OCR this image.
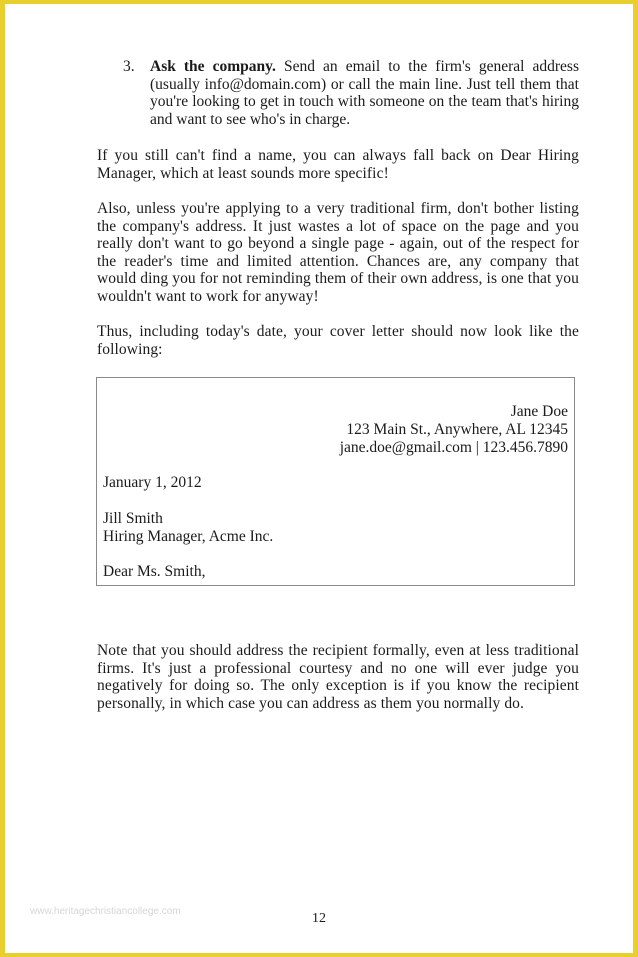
3. Ask the company. Send an email to the firm's general address (usually info@domain.com) or call the main line. Just tell them that you're looking to get in touch with someone on the team that's hiring and want to see who's in charge.

If you still can't find a name, you can always fall back on Dear Hiring Manager, which at least sounds more specific!

Also, unless you're applying to a very traditional firm, don't bother listing the company's address. It just wastes a lot of space on the page and you really don't want to go beyond a single page - again, out of the respect for the reader's time and limited attention. Chances are, any company that would ding you for not reminding them of their own address, is one that you wouldn't want to work for anyway!

Thus, including today's date, your cover letter should now look like the following:

Jane Doe
123 Main St., Anywhere, AL 12345
jane.doe@gmail.com | 123.456.7890
January 1, 2012
Jill Smith
Hiring Manager, Acme Inc.
Dear Ms. Smith,

Note that you should address the recipient formally, even at less traditional firms. It's just a professional courtesy and no one will ever judge you negatively for doing so. The only exception is if you know the recipient personally, in which case you can address as them you normally do.

www.heritagechristiancollege.com	12
